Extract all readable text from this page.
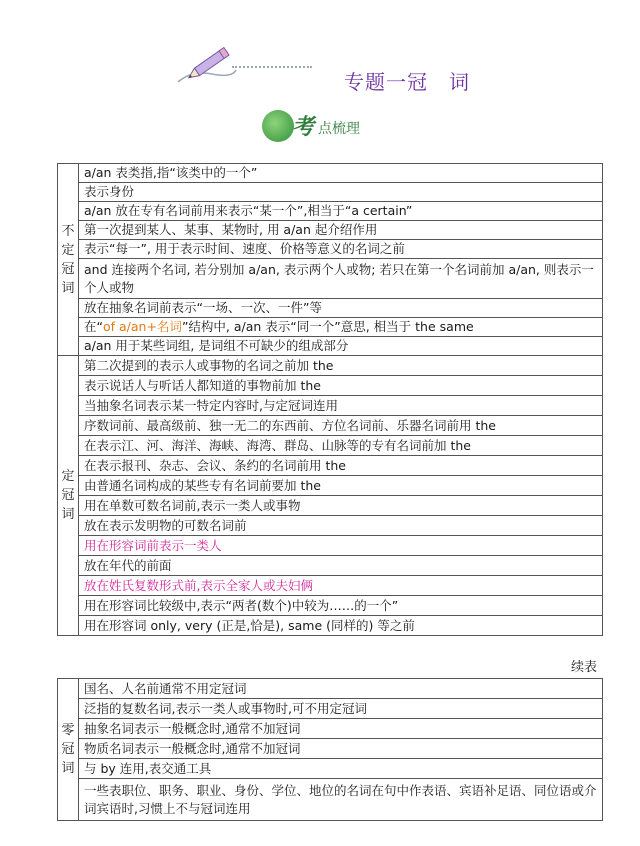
专题一冠　词
考 点梳理
不
定
冠
词	a/an 表类指,指“该类中的一个”
	表示身份
	a/an 放在专有名词前用来表示“某一个”,相当于“a certain”
	第一次提到某人、某事、某物时, 用 a/an 起介绍作用
	表示“每一”, 用于表示时间、速度、价格等意义的名词之前
	and 连接两个名词, 若分别加 a/an, 表示两个人或物; 若只在第一个名词前加 a/an, 则表示一个人或物
	放在抽象名词前表示“一场、一次、一件”等
	在“of a/an+名词”结构中, a/an 表示“同一个”意思, 相当于 the same
	a/an 用于某些词组, 是词组不可缺少的组成部分

定
冠
词	第二次提到的表示人或事物的名词之前加 the
	表示说话人与听话人都知道的事物前加 the
	当抽象名词表示某一特定内容时,与定冠词连用
	序数词前、最高级前、独一无二的东西前、方位名词前、乐器名词前用 the
	在表示江、河、海洋、海峡、海湾、群岛、山脉等的专有名词前加 the
	在表示报刊、杂志、会议、条约的名词前用 the
	由普通名词构成的某些专有名词前要加 the
	用在单数可数名词前,表示一类人或事物
	放在表示发明物的可数名词前
	用在形容词前表示一类人
	放在年代的前面
	放在姓氏复数形式前,表示全家人或夫妇俩
	用在形容词比较级中,表示“两者(数个)中较为……的一个”
	用在形容词 only, very (正是,恰是), same (同样的) 等之前
续表
零
冠
词
	国名、人名前通常不用定冠词
泛指的复数名词,表示一类人或事物时,可不用定冠词
抽象名词表示一般概念时,通常不加冠词
物质名词表示一般概念时,通常不加冠词
与 by 连用,表交通工具
一些表职位、职务、职业、身份、学位、地位的名词在句中作表语、宾语补足语、同位语或介词宾语时,习惯上不与冠词连用
